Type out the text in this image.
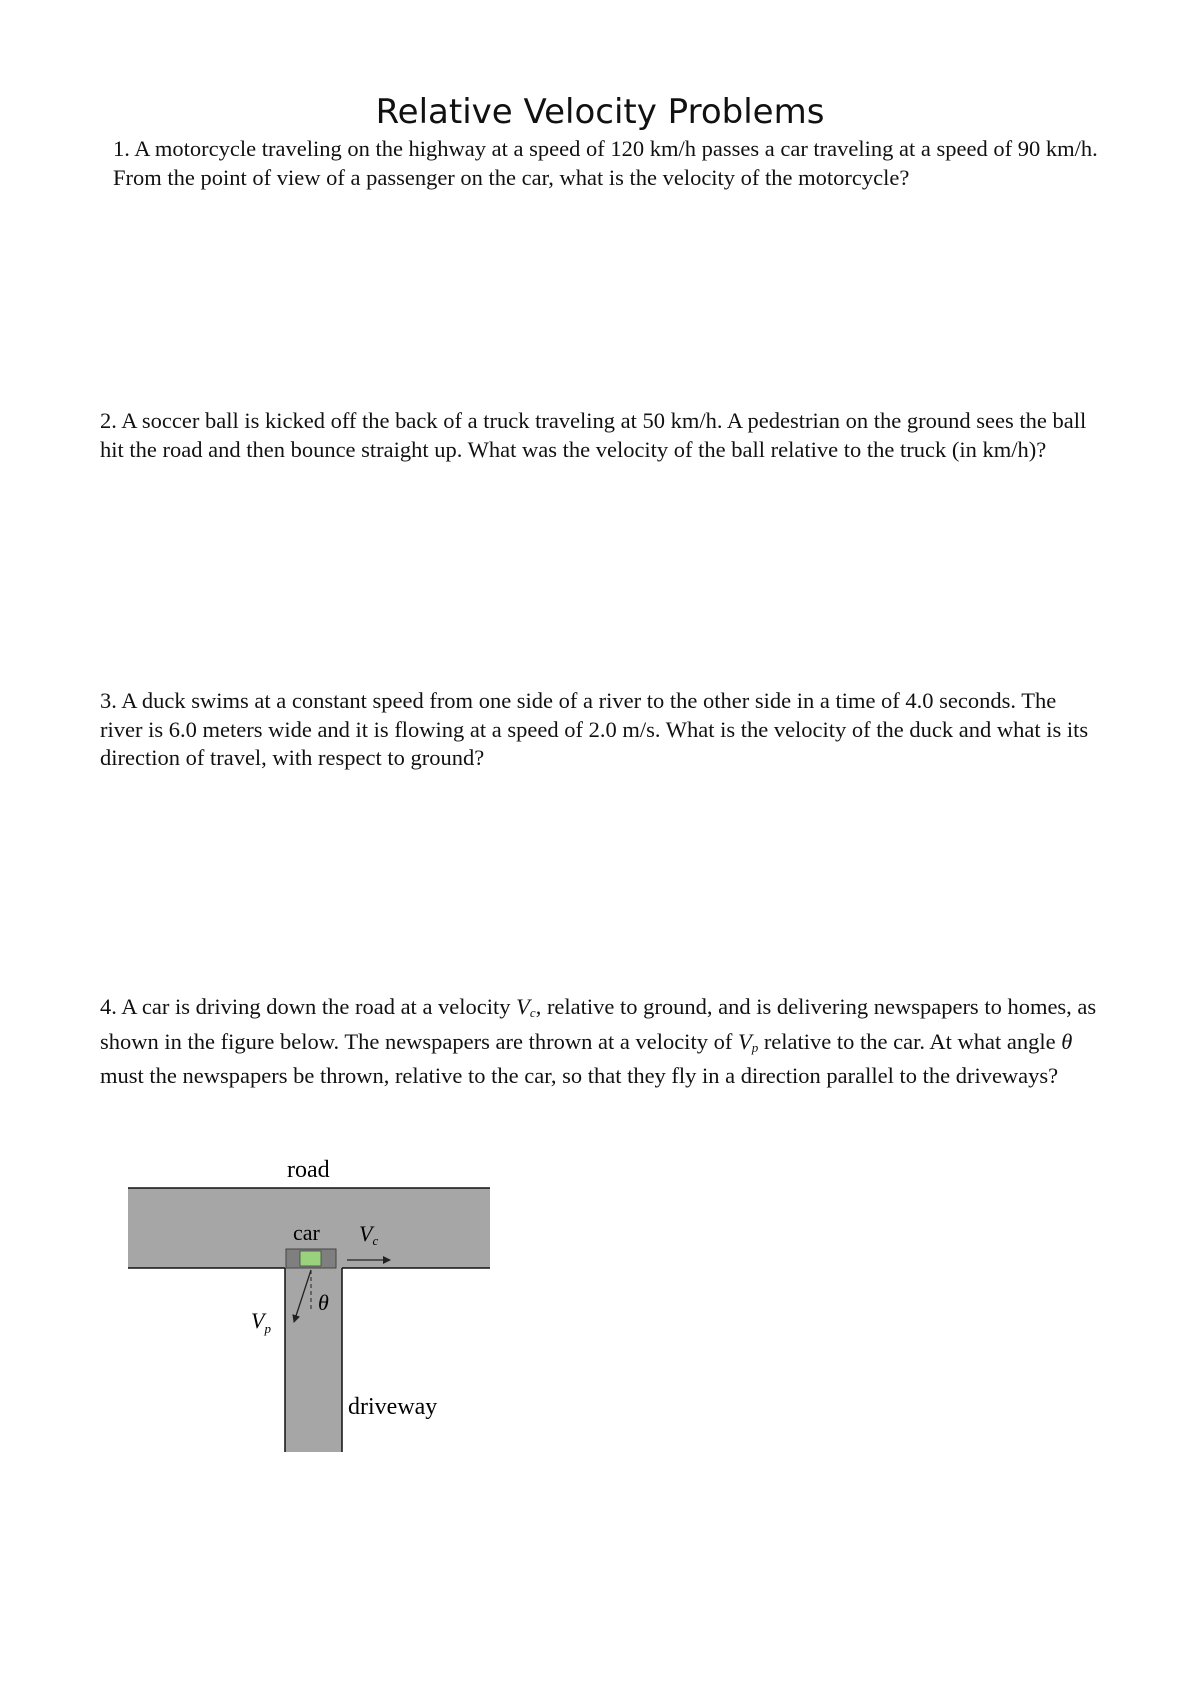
Relative Velocity Problems

1. A motorcycle traveling on the highway at a speed of 120 km/h passes a car traveling at a speed of 90 km/h. From the point of view of a passenger on the car, what is the velocity of the motorcycle?

2. A soccer ball is kicked off the back of a truck traveling at 50 km/h. A pedestrian on the ground sees the ball hit the road and then bounce straight up. What was the velocity of the ball relative to the truck (in km/h)?

3. A duck swims at a constant speed from one side of a river to the other side in a time of 4.0 seconds. The river is 6.0 meters wide and it is flowing at a speed of 2.0 m/s. What is the velocity of the duck and what is its direction of travel, with respect to ground?

4. A car is driving down the road at a velocity $V_c$, relative to ground, and is delivering newspapers to homes, as shown in the figure below. The newspapers are thrown at a velocity of $V_p$ relative to the car. At what angle θ must the newspapers be thrown, relative to the car, so that they fly in a direction parallel to the driveways?

road
car Vc
$V_p$
θ
driveway
